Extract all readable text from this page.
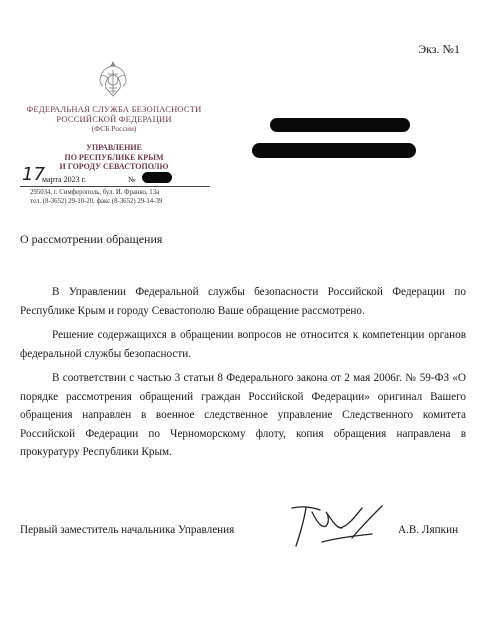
Экз. №1
ФЕДЕРАЛЬНАЯ СЛУЖБА БЕЗОПАСНОСТИ
РОССИЙСКОЙ ФЕДЕРАЦИИ
(ФСБ России)
УПРАВЛЕНИЕ
ПО РЕСПУБЛИКЕ КРЫМ
И ГОРОДУ СЕВАСТОПОЛЮ
17
марта 2023 г.	№
295034, г. Симферополь, бул. И. Франко, 13а
тел. (8-3652) 29-10-20, факс (8-3652) 29-14-39
О рассмотрении обращения

В Управлении Федеральной службы безопасности Российской Федерации по Республике Крым и городу Севастополю Ваше обращение рассмотрено.

Решение содержащихся в обращении вопросов не относится к компетенции органов федеральной службы безопасности.

В соответствии с частью 3 статьи 8 Федерального закона от 2 мая 2006г. № 59-ФЗ «О порядке рассмотрения обращений граждан Российской Федерации» оригинал Вашего обращения направлен в военное следственное управление Следственного комитета Российской Федерации по Черноморскому флоту, копия обращения направлена в прокуратуру Республики Крым.

Первый заместитель начальника Управления	А.В. Ляпкин
